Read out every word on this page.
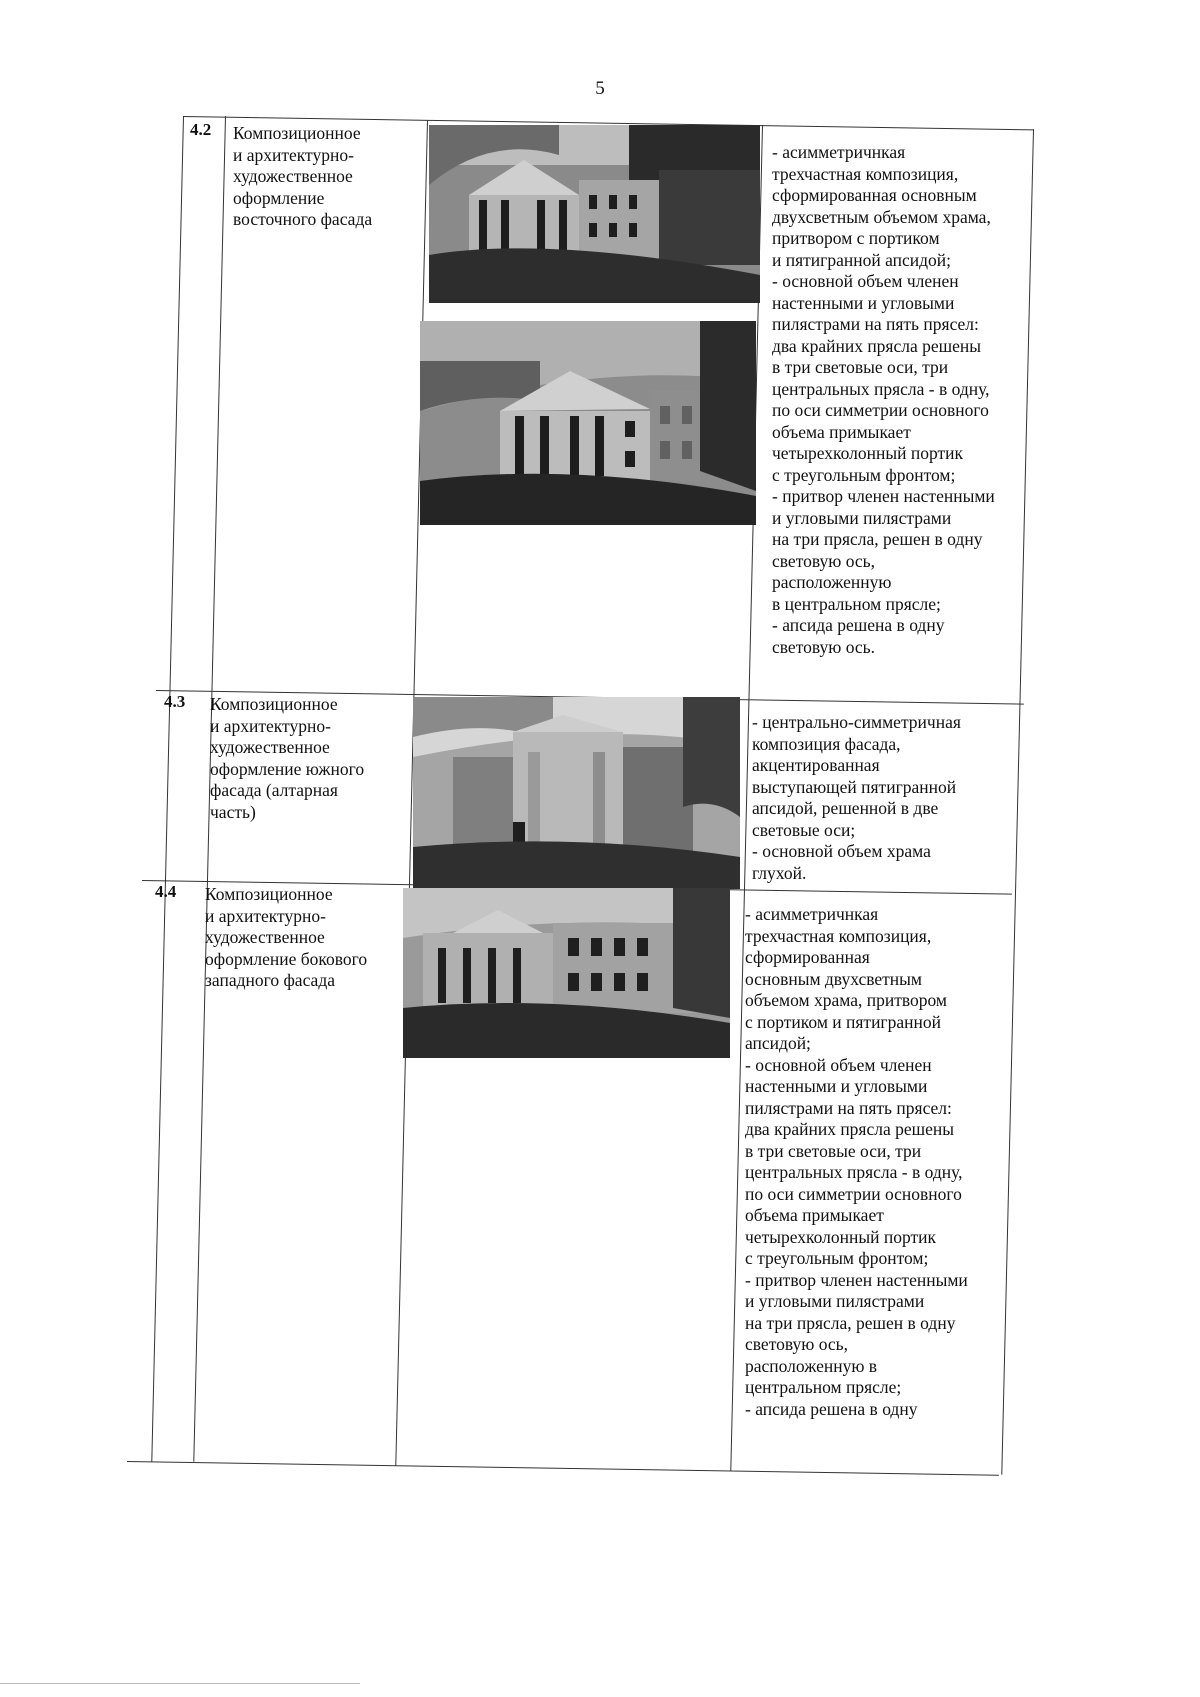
5
4.2 Композиционное
и архитектурно-
художественное
оформление
восточного фасада

- асимметричнкая
трехчастная композиция,
сформированная основным
двухсветным объемом храма,
притвором с портиком
и пятигранной апсидой;
- основной объем членен
настенными и угловыми
пилястрами на пять прясел:
два крайних прясла решены
в три световые оси, три
центральных прясла - в одну,
по оси симметрии основного
объема примыкает
четырехколонный портик
с треугольным фронтом;
- притвор членен настенными
и угловыми пилястрами
на три прясла, решен в одну
световую ось,
расположенную
в центральном прясле;
- апсида решена в одну
световую ось.

4.3 Композиционное
и архитектурно-
художественное
оформление южного
фасада (алтарная
часть)

- центрально-симметричная
композиция фасада,
акцентированная
выступающей пятигранной
апсидой, решенной в две
световые оси;
- основной объем храма
глухой.

4.4 Композиционное
и архитектурно-
художественное
оформление бокового
западного фасада

- асимметричнкая
трехчастная композиция,
сформированная
основным двухсветным
объемом храма, притвором
с портиком и пятигранной
апсидой;
- основной объем членен
настенными и угловыми
пилястрами на пять прясел:
два крайних прясла решены
в три световые оси, три
центральных прясла - в одну,
по оси симметрии основного
объема примыкает
четырехколонный портик
с треугольным фронтом;
- притвор членен настенными
и угловыми пилястрами
на три прясла, решен в одну
световую ось,
расположенную в
центральном прясле;
- апсида решена в одну
